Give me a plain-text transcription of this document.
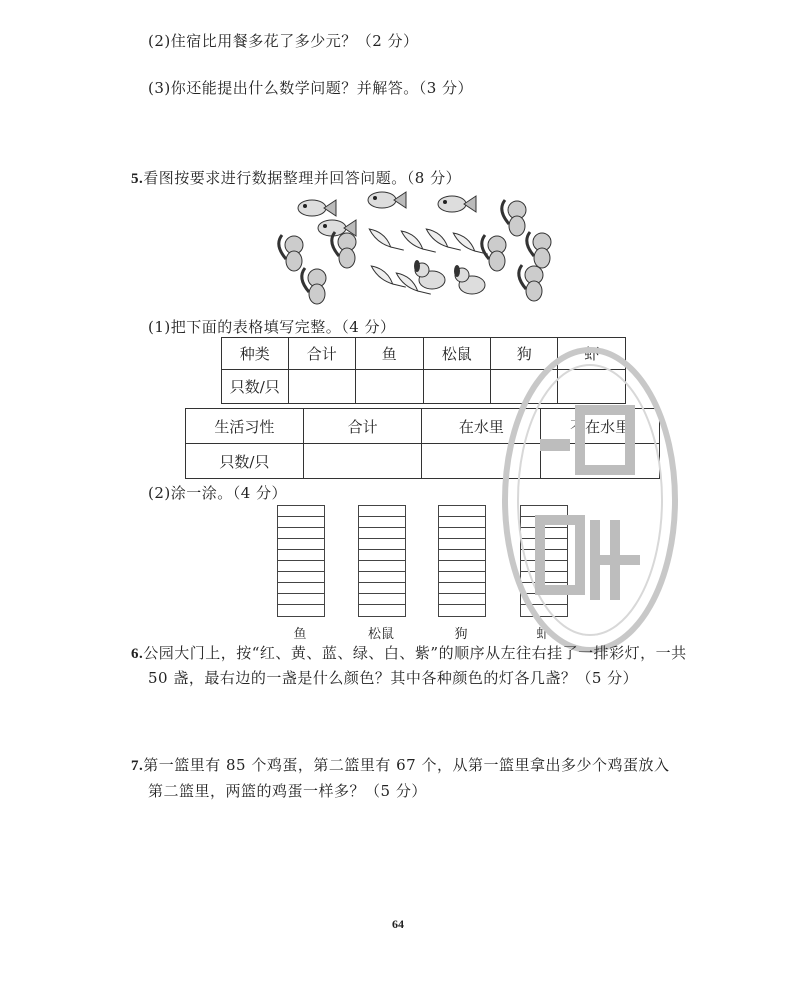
(2)住宿比用餐多花了多少元？（2 分）
(3)你还能提出什么数学问题？并解答。（3 分）
5.看图按要求进行数据整理并回答问题。（8 分）
(1)把下面的表格填写完整。（4 分）
种类	合计	鱼	松鼠	狗	虾
只数/只					
生活习性	合计	在水里	不在水里
只数/只			
(2)涂一涂。（4 分）
鱼	松鼠	狗	虾
6.公园大门上，按“红、黄、蓝、绿、白、紫”的顺序从左往右挂了一排彩灯，一共
50 盏，最右边的一盏是什么颜色？其中各种颜色的灯各几盏？（5 分）
7.第一篮里有 85 个鸡蛋，第二篮里有 67 个，从第一篮里拿出多少个鸡蛋放入
第二篮里，两篮的鸡蛋一样多？（5 分）
64
